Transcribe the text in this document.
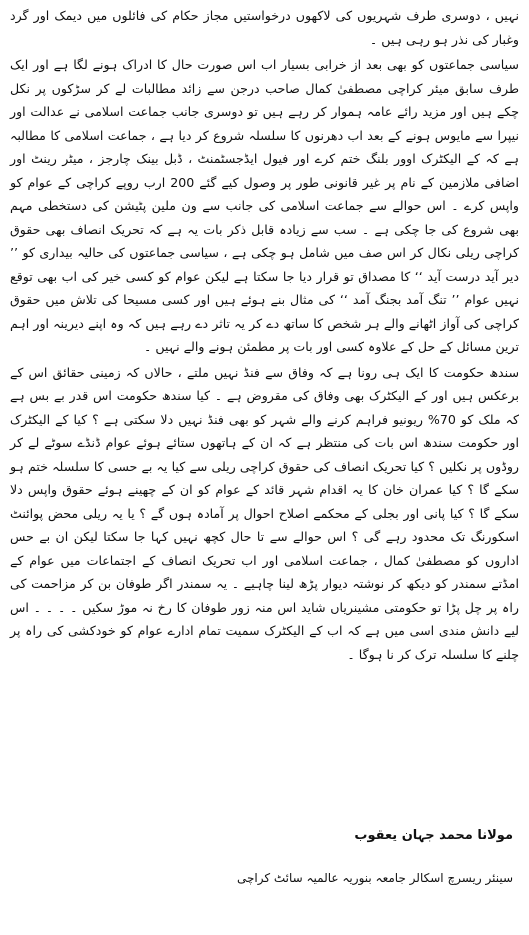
نہیں ، دوسری طرف شہریوں کی لاکھوں درخواستیں مجاز حکام کی فائلوں میں دیمک اور گرد وغبار کی نذر ہو رہی ہیں ۔

سیاسی جماعتوں کو بھی بعد از خرابی بسیار اب اس صورت حال کا ادراک ہونے لگا ہے اور ایک طرف سابق میئر کراچی مصطفیٰ کمال صاحب درجن سے زائد مطالبات لے کر سڑکوں پر نکل چکے ہیں اور مزید رائے عامہ ہموار کر رہے ہیں تو دوسری جانب جماعت اسلامی نے عدالت اور نیپرا سے مایوس ہونے کے بعد اب دھرنوں کا سلسلہ شروع کر دیا ہے ، جماعت اسلامی کا مطالبہ ہے کہ کے الیکٹرک اوور بلنگ ختم کرے اور فیول ایڈجسٹمنٹ ، ڈبل بینک چارجز ، میٹر رینٹ اور اضافی ملازمین کے نام پر غیر قانونی طور پر وصول کیے گئے 200 ارب روپے کراچی کے عوام کو واپس کرے ۔ اس حوالے سے جماعت اسلامی کی جانب سے ون ملین پٹیشن کی دستخطی مہم بھی شروع کی جا چکی ہے ۔ سب سے زیادہ قابل ذکر بات یہ ہے کہ تحریک انصاف بھی حقوق کراچی ریلی نکال کر اس صف میں شامل ہو چکی ہے ، سیاسی جماعتوں کی حالیہ بیداری کو ’’ دیر آید درست آید ‘‘ کا مصداق تو قرار دیا جا سکتا ہے لیکن عوام کو کسی خیر کی اب بھی توقع نہیں عوام ’’ تنگ آمد بجنگ آمد ‘‘ کی مثال بنے ہوئے ہیں اور کسی مسیحا کی تلاش میں حقوق کراچی کی آواز اٹھانے والے ہر شخص کا ساتھ دے کر یہ تاثر دے رہے ہیں کہ وہ اپنے دیرینہ اور اہم ترین مسائل کے حل کے علاوہ کسی اور بات پر مطمئن ہونے والے نہیں ۔

سندھ حکومت کا ایک ہی رونا ہے کہ وفاق سے فنڈ نہیں ملتے ، حالاں کہ زمینی حقائق اس کے برعکس ہیں اور کے الیکٹرک بھی وفاق کی مقروض ہے ۔ کیا سندھ حکومت اس قدر بے بس ہے کہ ملک کو 70% ریونیو فراہم کرنے والے شہر کو بھی فنڈ نہیں دلا سکتی ہے ؟ کیا کے الیکٹرک اور حکومت سندھ اس بات کی منتظر ہے کہ ان کے ہاتھوں ستائے ہوئے عوام ڈنڈے سوٹے لے کر روڈوں پر نکلیں ؟ کیا تحریک انصاف کی حقوق کراچی ریلی سے کیا یہ بے حسی کا سلسلہ ختم ہو سکے گا ؟ کیا عمران خان کا یہ اقدام شہر قائد کے عوام کو ان کے چھینے ہوئے حقوق واپس دلا سکے گا ؟ کیا پانی اور بجلی کے محکمے اصلاح احوال پر آمادہ ہوں گے ؟ یا یہ ریلی محض پوائنٹ اسکورنگ تک محدود رہے گی ؟ اس حوالے سے تا حال کچھ نہیں کہا جا سکتا لیکن ان بے حس اداروں کو مصطفیٰ کمال ، جماعت اسلامی اور اب تحریک انصاف کے اجتماعات میں عوام کے امڈتے سمندر کو دیکھ کر نوشتہ دیوار پڑھ لینا چاہیے ۔ یہ سمندر اگر طوفان بن کر مزاحمت کی راہ پر چل پڑا تو حکومتی مشینریاں شاید اس منہ زور طوفان کا رخ نہ موڑ سکیں ۔ ۔ ۔ ۔ اس لیے دانش مندی اسی میں ہے کہ اب کے الیکٹرک سمیت تمام ادارے عوام کو خودکشی کی راہ پر چلنے کا سلسلہ ترک کر نا ہوگا ۔

مولانا محمد جہان یعقوب

سینئر ریسرچ اسکالر جامعہ بنوریہ عالمیہ سائٹ کراچی
